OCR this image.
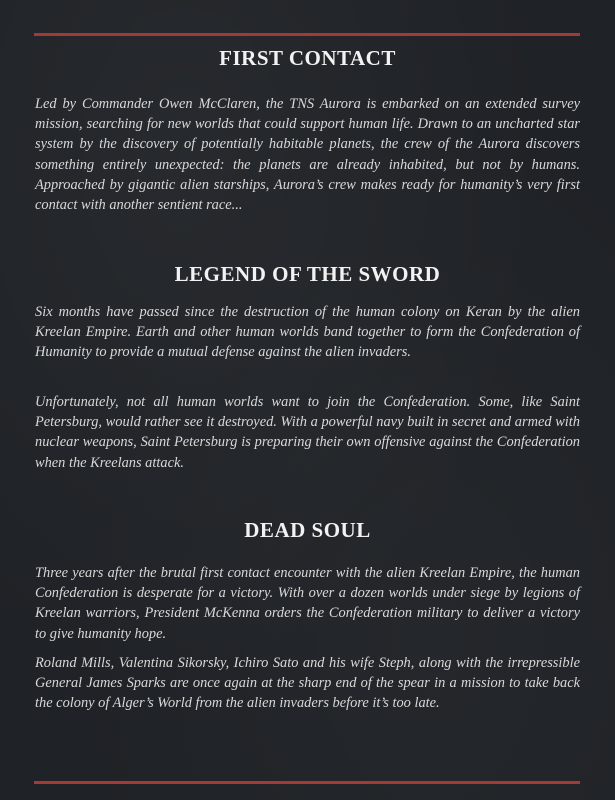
FIRST CONTACT

Led by Commander Owen McClaren, the TNS Aurora is embarked on an extended survey mission, searching for new worlds that could support human life. Drawn to an uncharted star system by the discovery of potentially habitable planets, the crew of the Aurora discovers something entirely unexpected: the planets are already inhabited, but not by humans. Approached by gigantic alien starships, Aurora’s crew makes ready for humanity’s very first contact with another sentient race...

LEGEND OF THE SWORD

Six months have passed since the destruction of the human colony on Keran by the alien Kreelan Empire. Earth and other human worlds band together to form the Confederation of Humanity to provide a mutual defense against the alien invaders.

Unfortunately, not all human worlds want to join the Confederation. Some, like Saint Petersburg, would rather see it destroyed. With a powerful navy built in secret and armed with nuclear weapons, Saint Petersburg is preparing their own offensive against the Confederation when the Kreelans attack.

DEAD SOUL

Three years after the brutal first contact encounter with the alien Kreelan Empire, the human Confederation is desperate for a victory. With over a dozen worlds under siege by legions of Kreelan warriors, President McKenna orders the Confederation military to deliver a victory to give humanity hope.

Roland Mills, Valentina Sikorsky, Ichiro Sato and his wife Steph, along with the irrepressible General James Sparks are once again at the sharp end of the spear in a mission to take back the colony of Alger’s World from the alien invaders before it’s too late.
